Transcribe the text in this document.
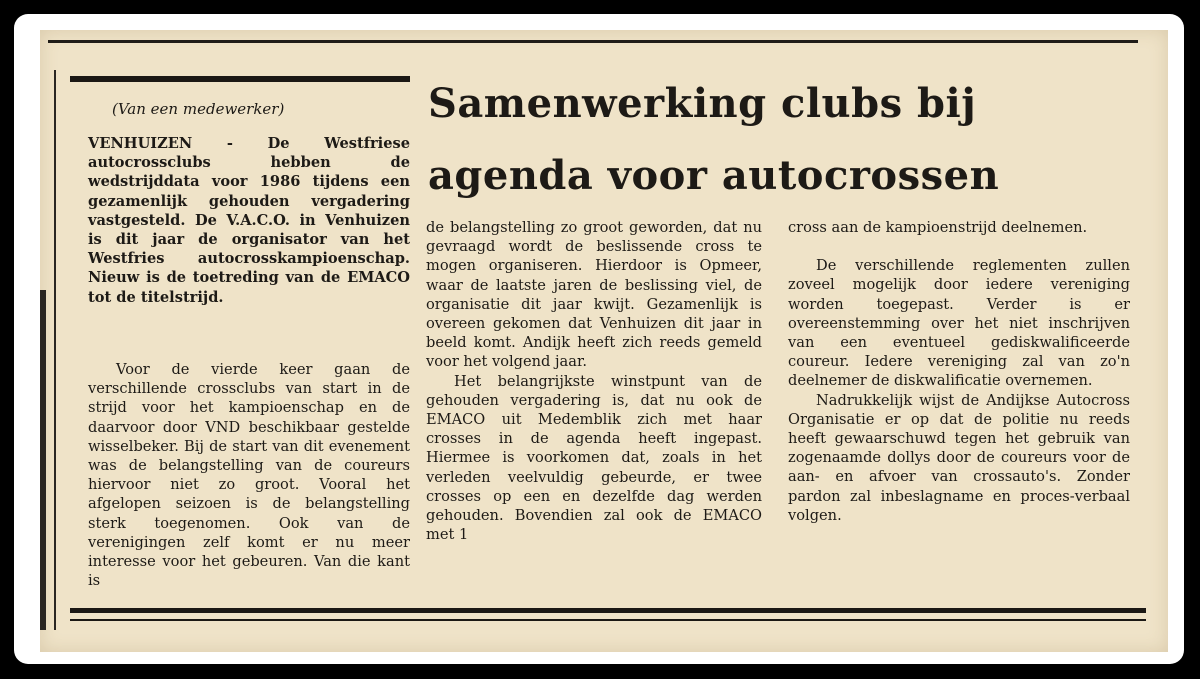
(Van een medewerker)	Samenwerking clubs bij
agenda voor autocrossen

VENHUIZEN - De Westfriese autocrossclubs hebben de wedstrijddata voor 1986 tijdens een gezamenlijk gehouden vergadering vastgesteld. De V.A.C.O. in Venhuizen is dit jaar de organisator van het Westfries autocrosskampioenschap. Nieuw is de toetreding van de EMACO tot de titelstrijd.

Voor de vierde keer gaan de verschillende crossclubs van start in de strijd voor het kampioenschap en de daarvoor door VND beschikbaar gestelde wisselbeker. Bij de start van dit evenement was de belangstelling van de coureurs hiervoor niet zo groot. Vooral het afgelopen seizoen is de belangstelling sterk toegenomen. Ook van de verenigingen zelf komt er nu meer interesse voor het gebeuren. Van die kant is

de belangstelling zo groot geworden, dat nu gevraagd wordt de beslissende cross te mogen organiseren. Hierdoor is Opmeer, waar de laatste jaren de beslissing viel, de organisatie dit jaar kwijt. Gezamenlijk is overeen gekomen dat Venhuizen dit jaar in beeld komt. Andijk heeft zich reeds gemeld voor het volgend jaar.

Het belangrijkste winstpunt van de gehouden vergadering is, dat nu ook de EMACO uit Medemblik zich met haar crosses in de agenda heeft ingepast. Hiermee is voorkomen dat, zoals in het verleden veelvuldig gebeurde, er twee crosses op een en dezelfde dag werden gehouden. Bovendien zal ook de EMACO met 1

cross aan de kampioenstrijd deelnemen.

De verschillende reglementen zullen zoveel mogelijk door iedere vereniging worden toegepast. Verder is er overeenstemming over het niet inschrijven van een eventueel gediskwalificeerde coureur. Iedere vereniging zal van zo'n deelnemer de diskwalificatie overnemen.

Nadrukkelijk wijst de Andijkse Autocross Organisatie er op dat de politie nu reeds heeft gewaarschuwd tegen het gebruik van zogenaamde dollys door de coureurs voor de aan- en afvoer van crossauto's. Zonder pardon zal inbeslagname en proces-verbaal volgen.
